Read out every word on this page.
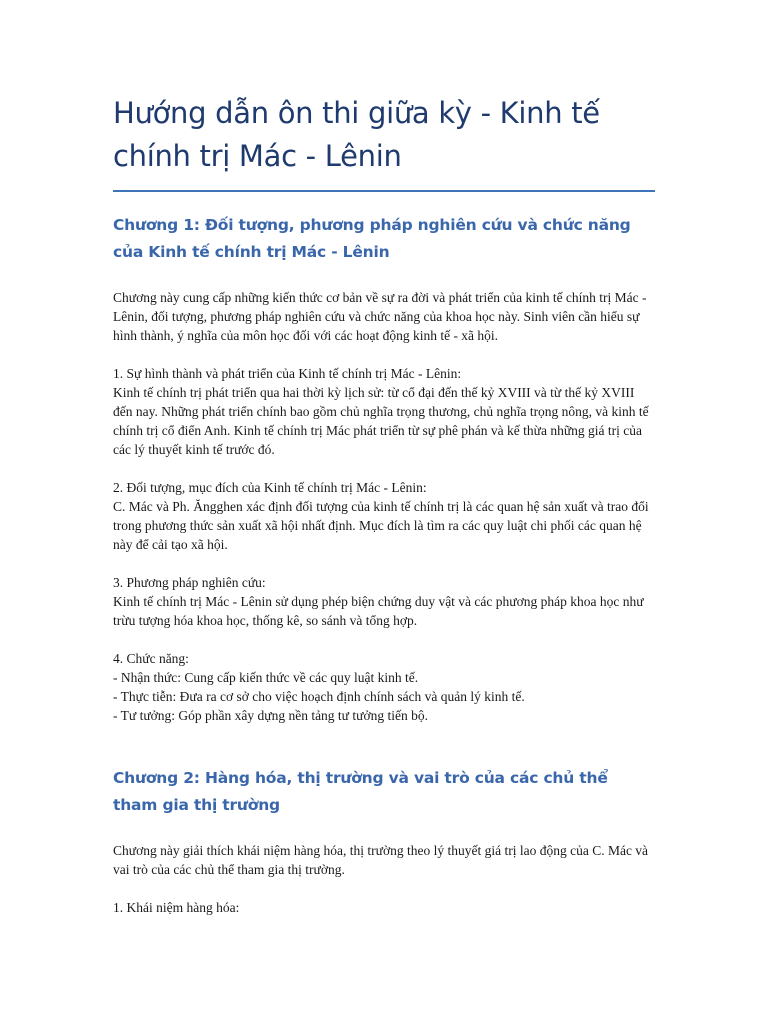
Hướng dẫn ôn thi giữa kỳ - Kinh tế chính trị Mác - Lênin
Chương 1: Đối tượng, phương pháp nghiên cứu và chức năng của Kinh tế chính trị Mác - Lênin

Chương này cung cấp những kiến thức cơ bản về sự ra đời và phát triển của kinh tế chính trị Mác - Lênin, đối tượng, phương pháp nghiên cứu và chức năng của khoa học này. Sinh viên cần hiểu sự hình thành, ý nghĩa của môn học đối với các hoạt động kinh tế - xã hội.

1. Sự hình thành và phát triển của Kinh tế chính trị Mác - Lênin:
Kinh tế chính trị phát triển qua hai thời kỳ lịch sử: từ cổ đại đến thế kỷ XVIII và từ thế kỷ XVIII đến nay. Những phát triển chính bao gồm chủ nghĩa trọng thương, chủ nghĩa trọng nông, và kinh tế chính trị cổ điển Anh. Kinh tế chính trị Mác phát triển từ sự phê phán và kế thừa những giá trị của các lý thuyết kinh tế trước đó.
2. Đối tượng, mục đích của Kinh tế chính trị Mác - Lênin:
C. Mác và Ph. Ăngghen xác định đối tượng của kinh tế chính trị là các quan hệ sản xuất và trao đổi trong phương thức sản xuất xã hội nhất định. Mục đích là tìm ra các quy luật chi phối các quan hệ này để cải tạo xã hội.
3. Phương pháp nghiên cứu:
Kinh tế chính trị Mác - Lênin sử dụng phép biện chứng duy vật và các phương pháp khoa học như trừu tượng hóa khoa học, thống kê, so sánh và tổng hợp.
4. Chức năng:
- Nhận thức: Cung cấp kiến thức về các quy luật kinh tế.
- Thực tiễn: Đưa ra cơ sở cho việc hoạch định chính sách và quản lý kinh tế.
- Tư tưởng: Góp phần xây dựng nền tảng tư tưởng tiến bộ.
Chương 2: Hàng hóa, thị trường và vai trò của các chủ thể tham gia thị trường

Chương này giải thích khái niệm hàng hóa, thị trường theo lý thuyết giá trị lao động của C. Mác và vai trò của các chủ thể tham gia thị trường.

1. Khái niệm hàng hóa:
